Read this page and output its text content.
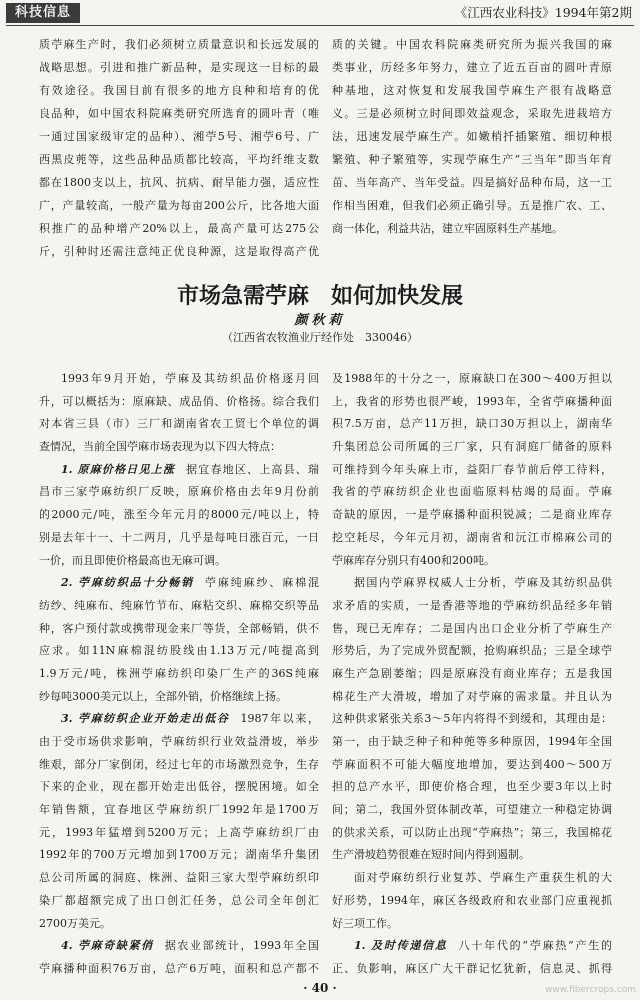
科技信息	《江西农业科技》1994年第2期
质苧麻生产时，我们必须树立质量意识和长远发展的
战略思想。引进和推广新品种，是实现这一目标的最
有效途径。我国目前有很多的地方良种和培育的优
良品种，如中国农科院麻类研究所选育的圆叶青（唯
一通过国家级审定的品种）、湘苧5号、湘苧6号、广
西黑皮蔸等，这些品种品质都比较高，平均纤维支数
都在1800支以上，抗风、抗病、耐旱能力强，适应性
广，产量较高，一般产量为每亩200公斤，比各地大面
积推广的品种增产20%以上，最高产量可达275公
斤，引种时还需注意纯正优良种源，这是取得高产优
质的关键。中国农科院麻类研究所为振兴我国的麻
类事业，历经多年努力，建立了近五百亩的圆叶青原
种基地，这对恢复和发展我国苧麻生产很有战略意
义。三是必须树立时间即效益观念，采取先进栽培方
法，迅速发展苧麻生产。如嫩梢扦插繁殖、细切种根
繁殖、种子繁殖等，实现苧麻生产“三当年”即当年育
苗、当年高产、当年受益。四是搞好品种布局，这一工
作相当困难，但我们必须正确引导。五是推广农、工、
商一体化，利益共沾，建立牢固原料生产基地。
市场急需苧麻　如何加快发展
颜秋莉
（江西省农牧渔业厅经作处　330046）
1993年9月开始，苧麻及其纺织品价格逐月回
升，可以概括为：原麻缺、成品俏、价格扬。综合我们
对本省三县（市）三厂和湖南省农工贸七个单位的调
查情况，当前全国苧麻市场表现为以下四大特点：
1. 原麻价格日见上涨 据宜春地区、上高县、瑞
昌市三家苧麻纺织厂反映，原麻价格由去年9月份前
的2000元/吨，涨至今年元月的8000元/吨以上，特
别是去年十一、十二两月，几乎是每吨日涨百元，一日
一价，而且即使价格最高也无麻可调。
2. 苧麻纺织品十分畅销 苧麻纯麻纱、麻棉混
纺纱、纯麻布、纯麻竹节布、麻粘交织、麻棉交织等品
种，客户预付款或携带现金来厂等货，全部畅销，供不
应求。如11N麻棉混纺股线由1.13万元/吨提高到
1.9万元/吨，株洲苧麻纺织印染厂生产的36S纯麻
纱每吨3000美元以上，全部外销，价格继续上扬。
3. 苧麻纺织企业开始走出低谷 1987年以来，
由于受市场供求影响，苧麻纺织行业效益滑坡，举步
维艰，部分厂家倒闭，经过七年的市场激烈竞争，生存
下来的企业，现在都开始走出低谷，摆脱困境。如全
年销售额，宜春地区苧麻纺织厂1992年是1700万
元，1993年猛增到5200万元；上高苧麻纺织厂由
1992年的700万元增加到1700万元；湖南华升集团
总公司所属的洞庭、株洲、益阳三家大型苧麻纺织印
染厂都超额完成了出口创汇任务，总公司全年创汇
2700万美元。
4. 苧麻奇缺紧俏 据农业部统计，1993年全国
苧麻播种面积76万亩，总产6万吨，面积和总产都不
及1988年的十分之一，原麻缺口在300～400万担以
上，我省的形势也很严峻，1993年，全省苧麻播种面
积7.5万亩，总产11万担，缺口30万担以上，湖南华
升集团总公司所属的三厂家，只有洞庭厂储备的原料
可维持到今年头麻上市，益阳厂春节前后停工待料，
我省的苧麻纺织企业也面临原料枯竭的局面。苧麻
奇缺的原因，一是苧麻播种面积锐减；二是商业库存
挖空耗尽，今年元月初，湖南省和沅江市棉麻公司的
苧麻库存分别只有400和200吨。
据国内苧麻界权威人士分析，苧麻及其纺织品供
求矛盾的实质，一是香港等地的苧麻纺织品经多年销
售，现已无库存；二是国内出口企业分析了苧麻生产
形势后，为了完成外贸配额，抢购麻织品；三是全球苧
麻生产急剧萎缩；四是原麻没有商业库存；五是我国
棉花生产大滑坡，增加了对苧麻的需求量。并且认为
这种供求紧张关系3～5年内将得不到缓和，其理由是：
第一，由于缺乏种子和种蔸等多种原因，1994年全国
苧麻面积不可能大幅度地增加，要达到400～500万
担的总产水平，即使价格合理，也至少要3年以上时
间；第二，我国外贸体制改革，可望建立一种稳定协调
的供求关系，可以防止出现“苧麻热”；第三，我国棉花
生产滑坡趋势很难在短时间内得到遏制。
面对苧麻纺织行业复苏、苧麻生产重获生机的大
好形势，1994年，麻区各级政府和农业部门应重视抓
好三项工作。
1. 及时传递信息 八十年代的“苧麻热”产生的
正、负影响，麻区广大干群记忆犹新，信息灵、抓得
· 40 ·	www.fibercrops.com
